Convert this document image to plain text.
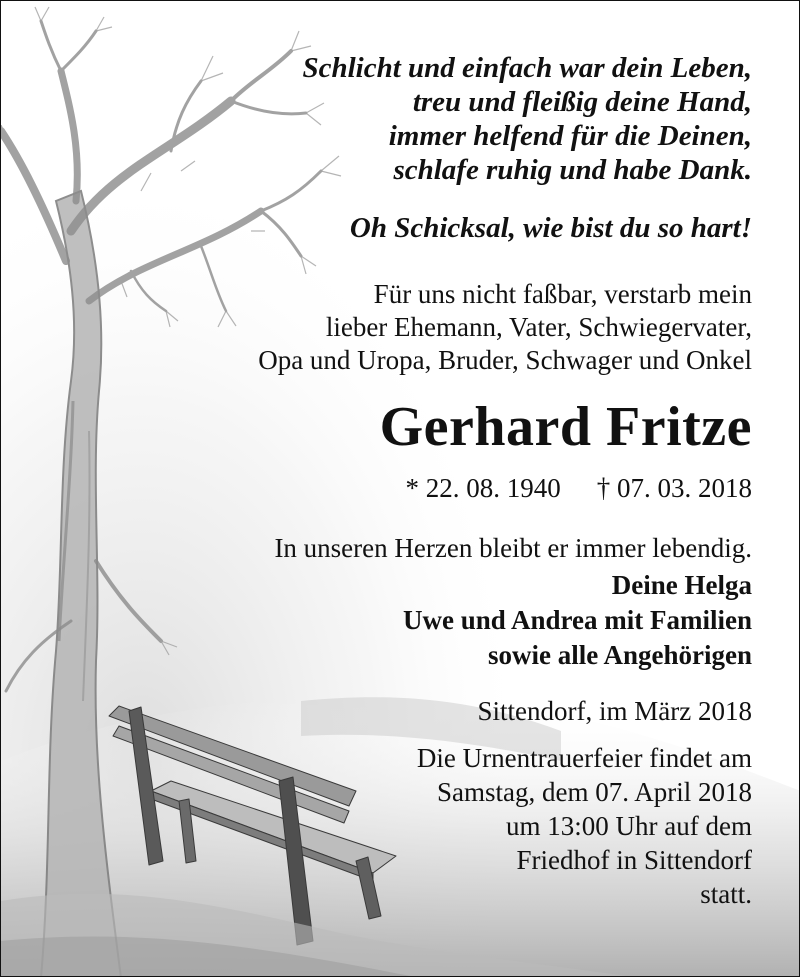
Schlicht und einfach war dein Leben,
treu und fleißig deine Hand,
immer helfend für die Deinen,
schlafe ruhig und habe Dank.
Oh Schicksal, wie bist du so hart!
Für uns nicht faßbar, verstarb mein
lieber Ehemann, Vater, Schwiegervater,
Opa und Uropa, Bruder, Schwager und Onkel
Gerhard Fritze
* 22. 08. 1940 † 07. 03. 2018
In unseren Herzen bleibt er immer lebendig.
Deine Helga
Uwe und Andrea mit Familien
sowie alle Angehörigen
Sittendorf, im März 2018
Die Urnentrauerfeier findet am
Samstag, dem 07. April 2018
um 13:00 Uhr auf dem
Friedhof in Sittendorf
statt.
